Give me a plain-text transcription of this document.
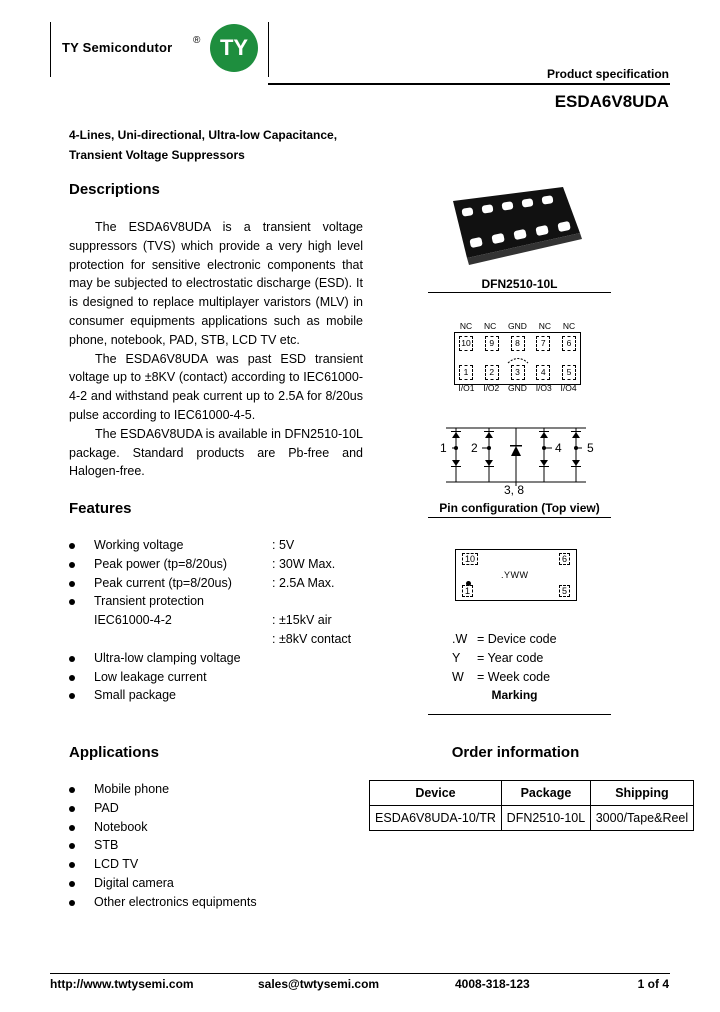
TY Semicondutor ® TY
Product specification
ESDA6V8UDA
4-Lines, Uni-directional, Ultra-low Capacitance,
Transient Voltage Suppressors
Descriptions

The ESDA6V8UDA is a transient voltage suppressors (TVS) which provide a very high level protection for sensitive electronic components that may be subjected to electrostatic discharge (ESD). It is designed to replace multiplayer varistors (MLV) in consumer equipments applications such as mobile phone, notebook, PAD, STB, LCD TV etc.

The ESDA6V8UDA was past ESD transient voltage up to ±8KV (contact) according to IEC61000-4-2 and withstand peak current up to 2.5A for 8/20us pulse according to IEC61000-4-5.

The ESDA6V8UDA is available in DFN2510-10L package. Standard products are Pb-free and Halogen-free.

DFN2510-10L
NC NC GND NC NC
10	9	8	7	6
1	2	3	4	5
I/O1 I/O2 GND I/O3 I/O4
1 2	4 5
3, 8
Pin configuration (Top view)
Features
Working voltage	: 5V
Peak power (tp=8/20us)	: 30W Max.
Peak current (tp=8/20us)	: 2.5A Max.
Transient protection
IEC61000-4-2	: ±15kV air
: ±8kV contact
Ultra-low clamping voltage
Low leakage current
Small package
10	6
1	5
.YWW
.W = Device code
Y = Year code
W = Week code
Marking
Applications
Mobile phone
PAD
Notebook
STB
LCD TV
Digital camera
Other electronics equipments
Order information
Device	Package	Shipping
ESDA6V8UDA-10/TR	DFN2510-10L	3000/Tape&Reel
http://www.twtysemi.com	sales@twtysemi.com	4008-318-123	1 of 4
